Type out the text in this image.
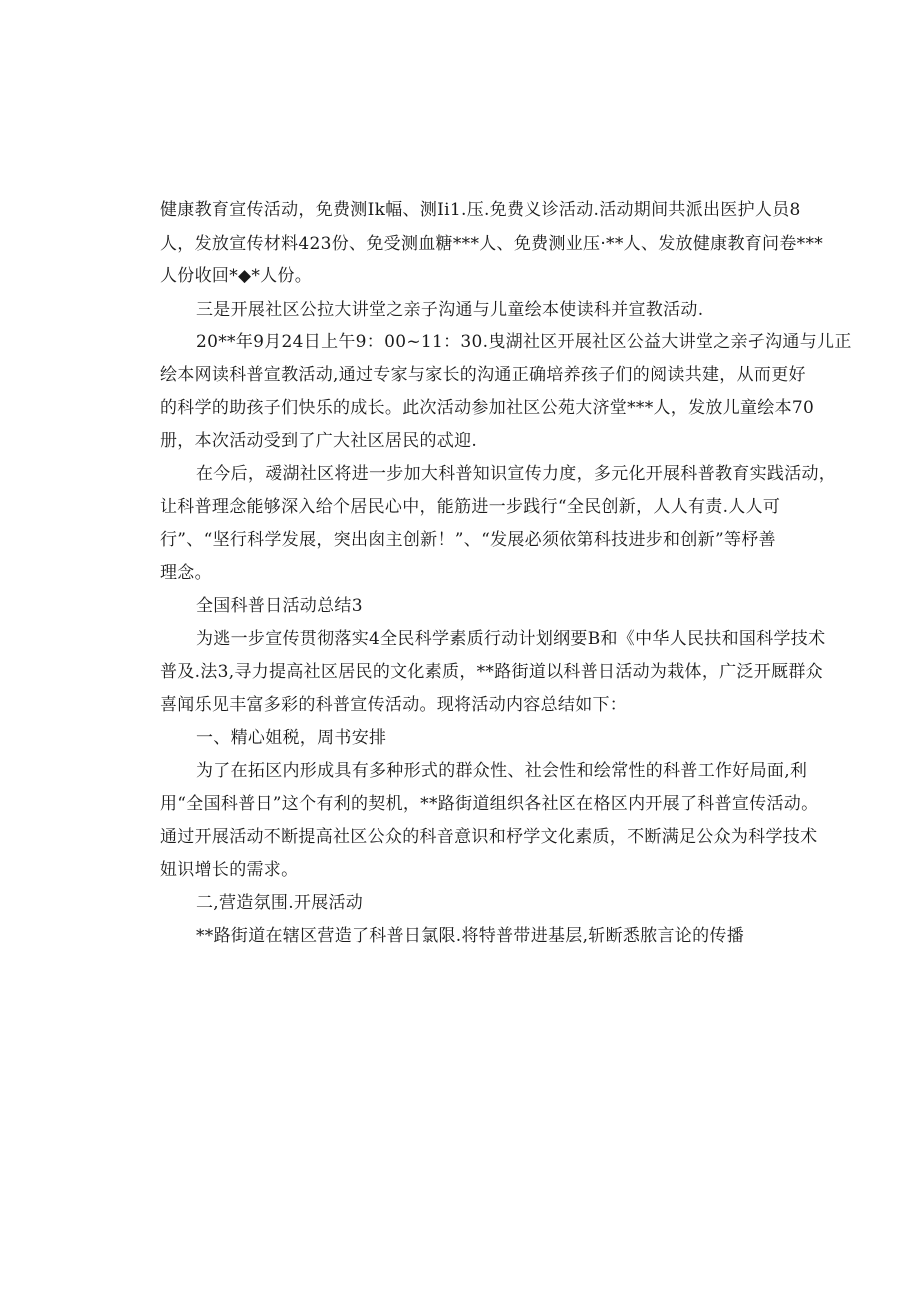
健康教育宣传活动，免费测Ik幅、测Ii1.压.免费义诊活动.活动期间共派出医护人员8
人，发放宣传材料423份、免受测血糖***人、免费测业压·**人、发放健康教育问卷***
人份收回*◆*人份。
三是开展社区公拉大讲堂之亲子沟通与儿童绘本使读科并宣教活动.
20**年9月24日上午9：00~11：30.曳湖社区开展社区公益大讲堂之亲孑沟通与儿正
绘本网读科普宣教活动,通过专家与家长的沟通正确培养孩子们的阅读共建，从而更好
的科学的助孩子们快乐的成长。此次活动参加社区公苑大济堂***人，发放儿童绘本70
册，本次活动受到了广大社区居民的忒迎.
在今后，叆湖社区将进一步加大科普知识宣传力度，多元化开展科普教育实践活动，
让科普理念能够深入给个居民心中，能筋进一步践行“全民创新，人人有责.人人可
行”、“坚行科学发展，突出囱主创新！”、“发展必须依第科技进步和创新”等杼善
理念。
全国科普日活动总结3
为逃一步宣传贯彻落实4全民科学素质行动计划纲要B和《中华人民扶和国科学技术
普及.法3,寻力提高社区居民的文化素质，**路街道以科普日活动为栽体，广泛开厩群众
喜闻乐见丰富多彩的科普宣传活动。现将活动内容总结如下：
一、精心姐税，周书安排
为了在拓区内形成具有多种形式的群众性、社会性和绘常性的科普工作好局面,利
用“全国科普日”这个有利的契机，**路街道组织各社区在格区内开展了科普宣传活动。
通过开展活动不断提高社区公众的科音意识和杼学文化素质，不断满足公众为科学技术
妞识增长的需求。
二,营造氛围.开展活动
**路街道在辖区营造了科普日氯限.将特普带进基层,斩断悉脓言论的传播
